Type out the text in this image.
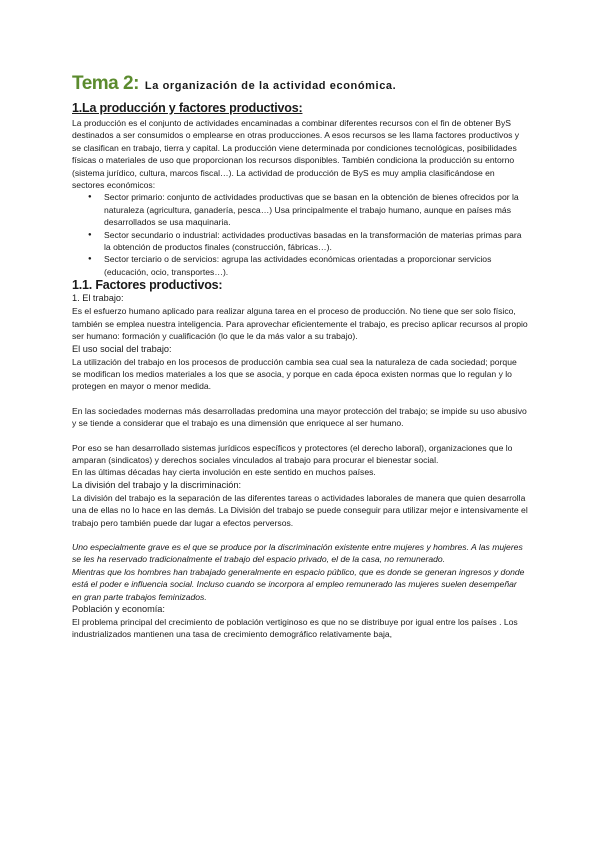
Tema 2: La organización de la actividad económica.
1.La producción y factores productivos:

La producción es el conjunto de actividades encaminadas a combinar diferentes recursos con el fin de obtener ByS destinados a ser consumidos o emplearse en otras producciones. A esos recursos se les llama factores productivos y se clasifican en trabajo, tierra y capital. La producción viene determinada por condiciones tecnológicas, posibilidades físicas o materiales de uso que proporcionan los recursos disponibles. También condiciona la producción su entorno (sistema jurídico, cultura, marcos fiscal…). La actividad de producción de ByS es muy amplia clasificándose en sectores económicos:

● Sector primario: conjunto de actividades productivas que se basan en la obtención de bienes ofrecidos por la naturaleza (agricultura, ganadería, pesca…) Usa principalmente el trabajo humano, aunque en países más desarrollados se usa maquinaria.
● Sector secundario o industrial: actividades productivas basadas en la transformación de materias primas para la obtención de productos finales (construcción, fábricas…).
● Sector terciario o de servicios: agrupa las actividades económicas orientadas a proporcionar servicios (educación, ocio, transportes…).
1.1. Factores productivos:

1. El trabajo:

Es el esfuerzo humano aplicado para realizar alguna tarea en el proceso de producción. No tiene que ser solo físico, también se emplea nuestra inteligencia. Para aprovechar eficientemente el trabajo, es preciso aplicar recursos al propio ser humano: formación y cualificación (lo que le da más valor a su trabajo).

El uso social del trabajo:

La utilización del trabajo en los procesos de producción cambia sea cual sea la naturaleza de cada sociedad; porque se modifican los medios materiales a los que se asocia, y porque en cada época existen normas que lo regulan y lo protegen en mayor o menor medida.

En las sociedades modernas más desarrolladas predomina una mayor protección del trabajo; se impide su uso abusivo y se tiende a considerar que el trabajo es una dimensión que enriquece al ser humano.

Por eso se han desarrollado sistemas jurídicos específicos y protectores (el derecho laboral), organizaciones que lo amparan (sindicatos) y derechos sociales vinculados al trabajo para procurar el bienestar social.

En las últimas décadas hay cierta involución en este sentido en muchos países.

La división del trabajo y la discriminación:

La división del trabajo es la separación de las diferentes tareas o actividades laborales de manera que quien desarrolla una de ellas no lo hace en las demás. La División del trabajo se puede conseguir para utilizar mejor e intensivamente el trabajo pero también puede dar lugar a efectos perversos.

Uno especialmente grave es el que se produce por la discriminación existente entre mujeres y hombres. A las mujeres se les ha reservado tradicionalmente el trabajo del espacio privado, el de la casa, no remunerado.

Mientras que los hombres han trabajado generalmente en espacio público, que es donde se generan ingresos y donde está el poder e influencia social. Incluso cuando se incorpora al empleo remunerado las mujeres suelen desempeñar en gran parte trabajos feminizados.

Población y economía:

El problema principal del crecimiento de población vertiginoso es que no se distribuye por igual entre los países . Los industrializados mantienen una tasa de crecimiento demográfico relativamente baja,
